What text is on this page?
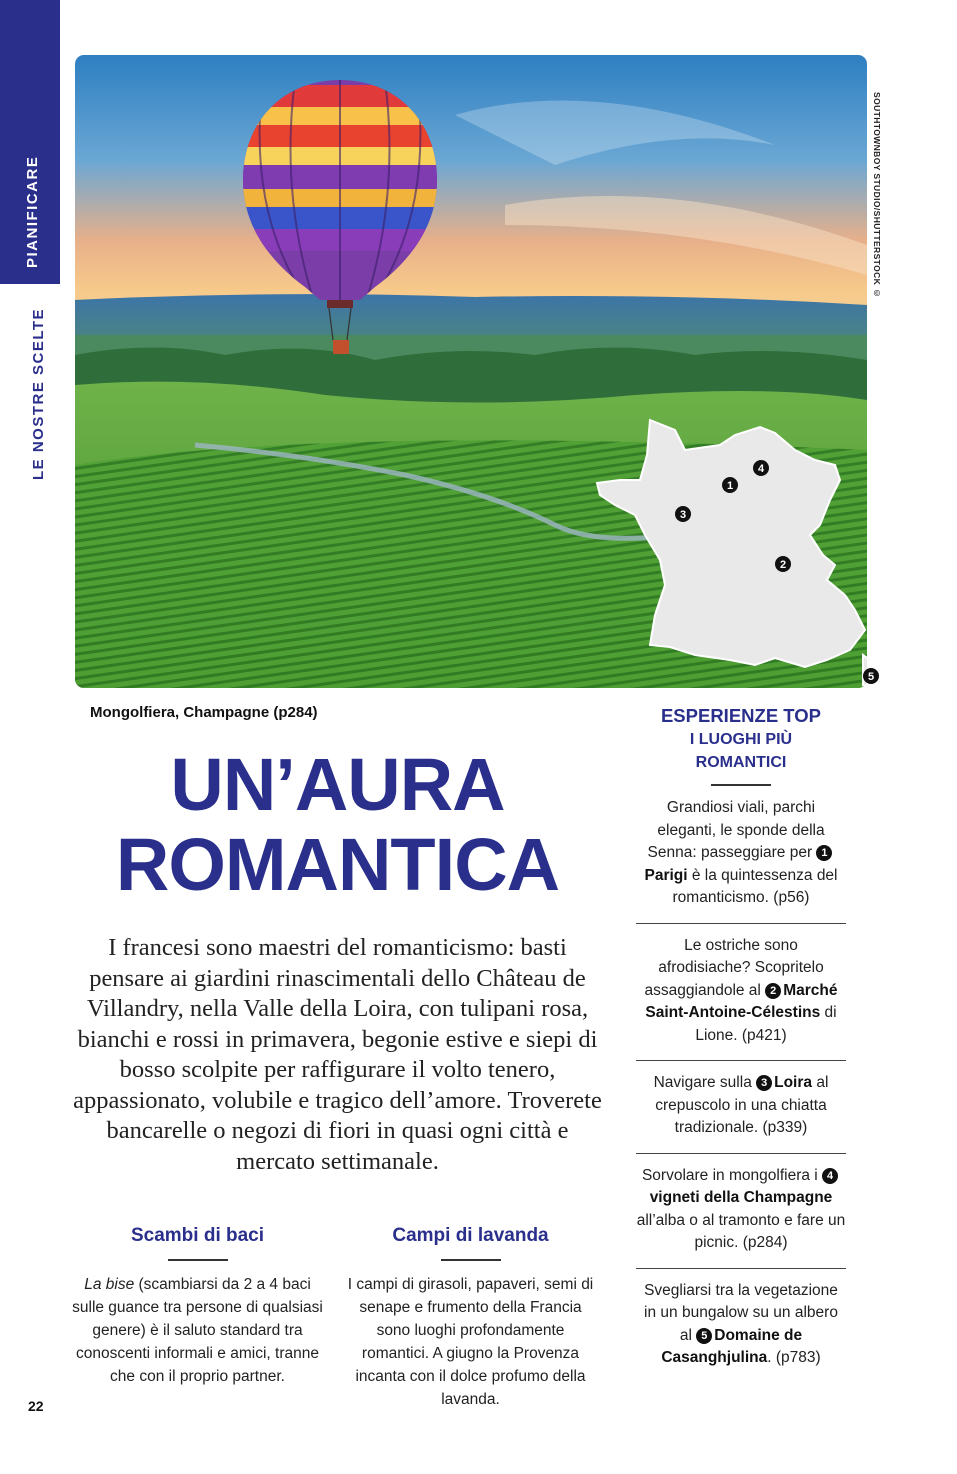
PIANIFICARE
LE NOSTRE SCELTE
1
2
3
4
5
SOUTHTOWNBOY STUDIO/SHUTTERSTOCK ©
Mongolfiera, Champagne (p284)
UN’AURA
ROMANTICA

I francesi sono maestri del romanticismo: basti pensare ai giardini rinascimentali dello Château de Villandry, nella Valle della Loira, con tulipani rosa, bianchi e rossi in primavera, begonie estive e siepi di bosso scolpite per raffigurare il volto tenero, appassionato, volubile e tragico dell’amore. Troverete bancarelle o negozi di fiori in quasi ogni città e mercato settimanale.

Scambi di baci

La bise (scambiarsi da 2 a 4 baci sulle guance tra persone di qualsiasi genere) è il saluto standard tra conoscenti informali e amici, tranne che con il proprio partner.

Campi di lavanda

I campi di girasoli, papaveri, semi di senape e frumento della Francia sono luoghi profondamente romantici. A giugno la Provenza incanta con il dolce profumo della lavanda.

22
ESPERIENZE TOP
I LUOGHI PIÙ
ROMANTICI
Grandiosi viali, parchi eleganti, le sponde della Senna: passeggiare per 1Parigi è la quintessenza del romanticismo. (p56)
Le ostriche sono afrodisiache? Scopritelo assaggiandole al 2 Marché Saint-Antoine-Célestins di Lione. (p421)
Navigare sulla 3 Loira al crepuscolo in una chiatta tradizionale. (p339)
Sorvolare in mongolfiera i 4vigneti della Champagne all’alba o al tramonto e fare un picnic. (p284)
Svegliarsi tra la vegetazione in un bungalow su un albero al 5 Domaine de Casanghjulina. (p783)
